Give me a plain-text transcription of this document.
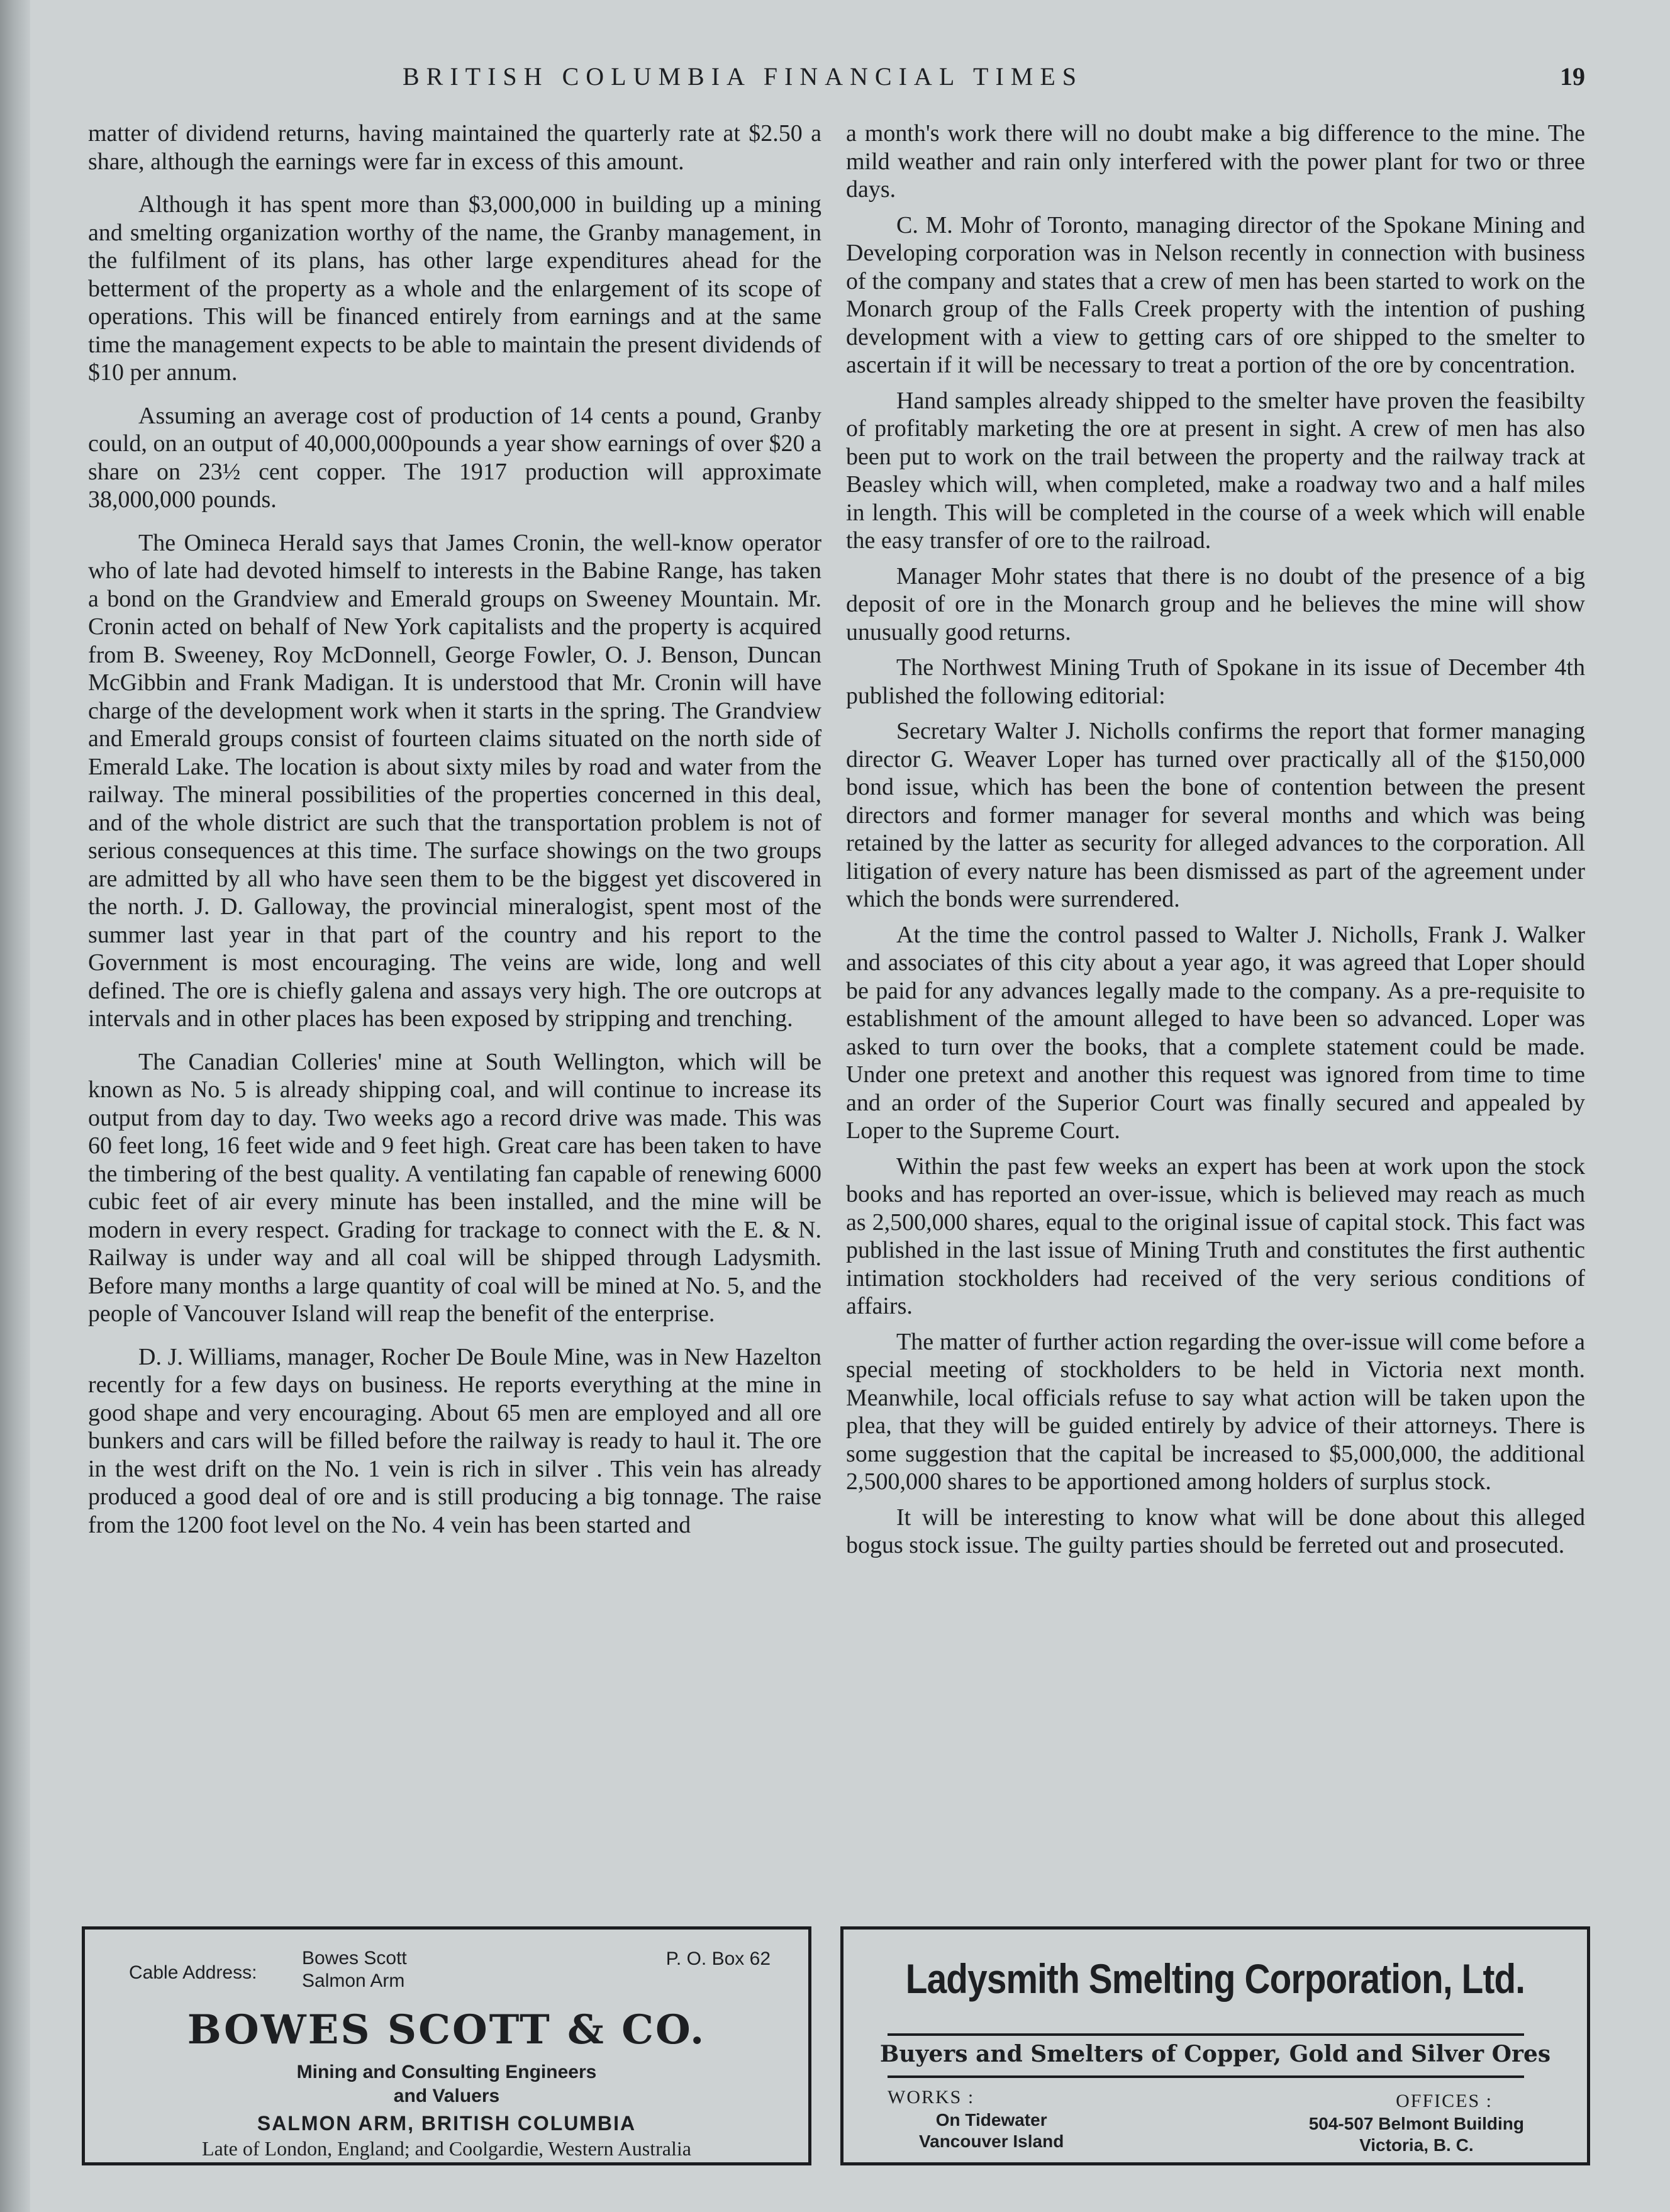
BRITISH COLUMBIA FINANCIAL TIMES	19

matter of dividend returns, having maintained the quarterly rate at $2.50 a share, although the earnings were far in excess of this amount.

Although it has spent more than $3,000,000 in building up a mining and smelting organization worthy of the name, the Granby management, in the fulfilment of its plans, has other large expenditures ahead for the betterment of the property as a whole and the enlargement of its scope of operations. This will be financed entirely from earnings and at the same time the management expects to be able to maintain the present dividends of $10 per annum.

Assuming an average cost of production of 14 cents a pound, Granby could, on an output of 40,000,000pounds a year show earnings of over $20 a share on 23½ cent copper. The 1917 production will approximate 38,000,000 pounds.

The Omineca Herald says that James Cronin, the well-know operator who of late had devoted himself to interests in the Babine Range, has taken a bond on the Grandview and Emerald groups on Sweeney Mountain. Mr. Cronin acted on behalf of New York capitalists and the property is acquired from B. Sweeney, Roy McDonnell, George Fowler, O. J. Benson, Duncan McGibbin and Frank Madigan. It is understood that Mr. Cronin will have charge of the development work when it starts in the spring. The Grandview and Emerald groups consist of fourteen claims situated on the north side of Emerald Lake. The location is about sixty miles by road and water from the railway. The mineral possibilities of the properties concerned in this deal, and of the whole district are such that the transportation problem is not of serious consequences at this time. The surface showings on the two groups are admitted by all who have seen them to be the biggest yet discovered in the north. J. D. Galloway, the provincial mineralogist, spent most of the summer last year in that part of the country and his report to the Government is most encouraging. The veins are wide, long and well defined. The ore is chiefly galena and assays very high. The ore outcrops at intervals and in other places has been exposed by stripping and trenching.

The Canadian Colleries' mine at South Wellington, which will be known as No. 5 is already shipping coal, and will continue to increase its output from day to day. Two weeks ago a record drive was made. This was 60 feet long, 16 feet wide and 9 feet high. Great care has been taken to have the timbering of the best quality. A ventilating fan capable of renewing 6000 cubic feet of air every minute has been installed, and the mine will be modern in every respect. Grading for trackage to connect with the E. & N. Railway is under way and all coal will be shipped through Ladysmith. Before many months a large quantity of coal will be mined at No. 5, and the people of Vancouver Island will reap the benefit of the enterprise.

D. J. Williams, manager, Rocher De Boule Mine, was in New Hazelton recently for a few days on business. He reports everything at the mine in good shape and very encouraging. About 65 men are employed and all ore bunkers and cars will be filled before the railway is ready to haul it. The ore in the west drift on the No. 1 vein is rich in silver . This vein has already produced a good deal of ore and is still producing a big tonnage. The raise from the 1200 foot level on the No. 4 vein has been started and

a month's work there will no doubt make a big difference to the mine. The mild weather and rain only interfered with the power plant for two or three days.

C. M. Mohr of Toronto, managing director of the Spokane Mining and Developing corporation was in Nelson recently in connection with business of the company and states that a crew of men has been started to work on the Monarch group of the Falls Creek property with the intention of pushing development with a view to getting cars of ore shipped to the smelter to ascertain if it will be necessary to treat a portion of the ore by concentration.

Hand samples already shipped to the smelter have proven the feasibilty of profitably marketing the ore at present in sight. A crew of men has also been put to work on the trail between the property and the railway track at Beasley which will, when completed, make a roadway two and a half miles in length. This will be completed in the course of a week which will enable the easy transfer of ore to the railroad.

Manager Mohr states that there is no doubt of the presence of a big deposit of ore in the Monarch group and he believes the mine will show unusually good returns.

The Northwest Mining Truth of Spokane in its issue of December 4th published the following editorial:

Secretary Walter J. Nicholls confirms the report that former managing director G. Weaver Loper has turned over practically all of the $150,000 bond issue, which has been the bone of contention between the present directors and former manager for several months and which was being retained by the latter as security for alleged advances to the corporation. All litigation of every nature has been dismissed as part of the agreement under which the bonds were surrendered.

At the time the control passed to Walter J. Nicholls, Frank J. Walker and associates of this city about a year ago, it was agreed that Loper should be paid for any advances legally made to the company. As a pre-requisite to establishment of the amount alleged to have been so advanced. Loper was asked to turn over the books, that a complete statement could be made. Under one pretext and another this request was ignored from time to time and an order of the Superior Court was finally secured and appealed by Loper to the Supreme Court.

Within the past few weeks an expert has been at work upon the stock books and has reported an over-issue, which is believed may reach as much as 2,500,000 shares, equal to the original issue of capital stock. This fact was published in the last issue of Mining Truth and constitutes the first authentic intimation stockholders had received of the very serious conditions of affairs.

The matter of further action regarding the over-issue will come before a special meeting of stockholders to be held in Victoria next month. Meanwhile, local officials refuse to say what action will be taken upon the plea, that they will be guided entirely by advice of their attorneys. There is some suggestion that the capital be increased to $5,000,000, the additional 2,500,000 shares to be apportioned among holders of surplus stock.

It will be interesting to know what will be done about this alleged bogus stock issue. The guilty parties should be ferreted out and prosecuted.

Cable Address:
Bowes Scott
Salmon Arm
P. O. Box 62
BOWES SCOTT & CO.
Mining and Consulting Engineers
and Valuers
SALMON ARM, BRITISH COLUMBIA
Late of London, England; and Coolgardie, Western Australia
Ladysmith Smelting Corporation, Ltd.
Buyers and Smelters of Copper, Gold and Silver Ores
WORKS :
On Tidewater
Vancouver Island
OFFICES :
504-507 Belmont Building
Victoria, B. C.
